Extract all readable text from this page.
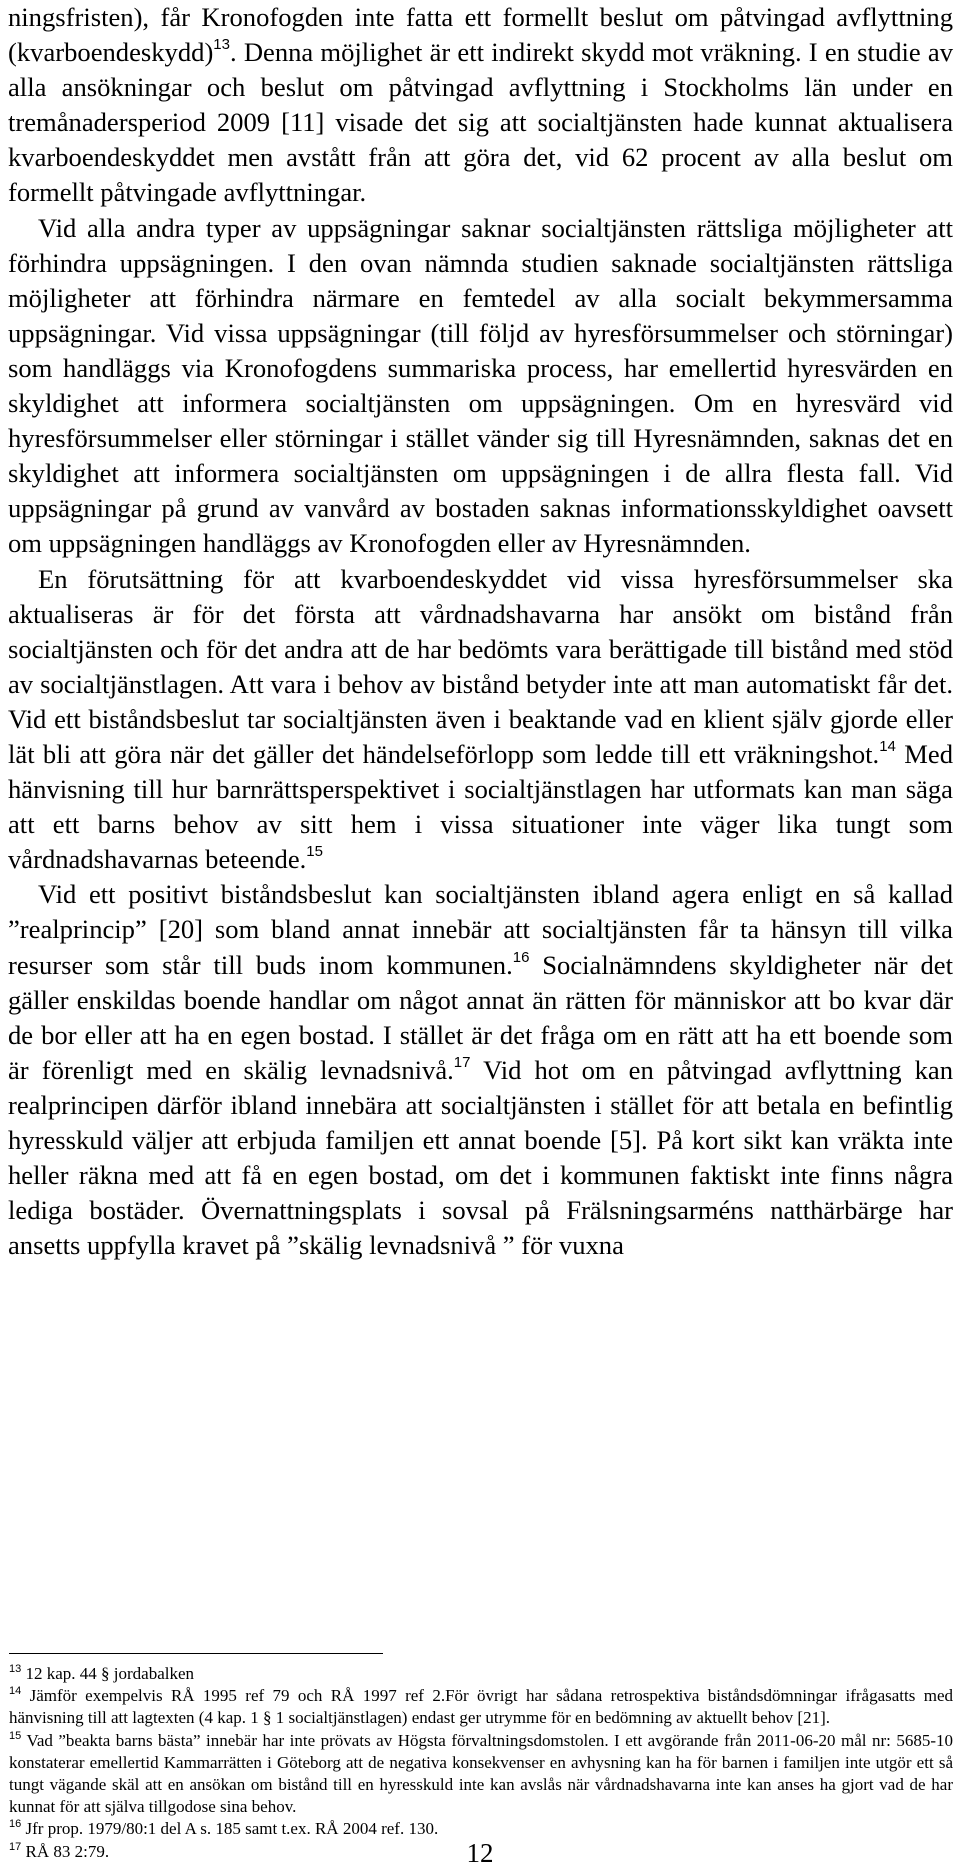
ningsfristen), får Kronofogden inte fatta ett formellt beslut om påtvingad avflyttning (kvarboendeskydd)$^{13}$. Denna möjlighet är ett indirekt skydd mot vräkning. I en studie av alla ansökningar och beslut om påtvingad avflyttning i Stockholms län under en tremånadersperiod 2009 [11] visade det sig att socialtjänsten hade kunnat aktualisera kvarboendeskyddet men avstått från att göra det, vid 62 procent av alla beslut om formellt påtvingade avflyttningar.

Vid alla andra typer av uppsägningar saknar socialtjänsten rättsliga möjligheter att förhindra uppsägningen. I den ovan nämnda studien saknade socialtjänsten rättsliga möjligheter att förhindra närmare en femtedel av alla socialt bekymmersamma uppsägningar. Vid vissa uppsägningar (till följd av hyresförsummelser och störningar) som handläggs via Kronofogdens summariska process, har emellertid hyresvärden en skyldighet att informera socialtjänsten om uppsägningen. Om en hyresvärd vid hyresförsummelser eller störningar i stället vänder sig till Hyresnämnden, saknas det en skyldighet att informera socialtjänsten om uppsägningen i de allra flesta fall. Vid uppsägningar på grund av vanvård av bostaden saknas informationsskyldighet oavsett om uppsägningen handläggs av Kronofogden eller av Hyresnämnden.

En förutsättning för att kvarboendeskyddet vid vissa hyresförsummelser ska aktualiseras är för det första att vårdnadshavarna har ansökt om bistånd från socialtjänsten och för det andra att de har bedömts vara berättigade till bistånd med stöd av socialtjänstlagen. Att vara i behov av bistånd betyder inte att man automatiskt får det. Vid ett biståndsbeslut tar socialtjänsten även i beaktande vad en klient själv gjorde eller lät bli att göra när det gäller det händelseförlopp som ledde till ett vräkningshot.$^{14}$ Med hänvisning till hur barnrättsperspektivet i socialtjänstlagen har utformats kan man säga att ett barns behov av sitt hem i vissa situationer inte väger lika tungt som vårdnadshavarnas beteende.$^{15}$

Vid ett positivt biståndsbeslut kan socialtjänsten ibland agera enligt en så kallad ”realprincip” [20] som bland annat innebär att socialtjänsten får ta hänsyn till vilka resurser som står till buds inom kommunen.$^{16}$ Socialnämndens skyldigheter när det gäller enskildas boende handlar om något annat än rätten för människor att bo kvar där de bor eller att ha en egen bostad. I stället är det fråga om en rätt att ha ett boende som är förenligt med en skälig levnadsnivå.$^{17}$ Vid hot om en påtvingad avflyttning kan realprincipen därför ibland innebära att socialtjänsten i stället för att betala en befintlig hyresskuld väljer att erbjuda familjen ett annat boende [5]. På kort sikt kan vräkta inte heller räkna med att få en egen bostad, om det i kommunen faktiskt inte finns några lediga bostäder. Övernattningsplats i sovsal på Frälsningsarméns natthärbärge har ansetts uppfylla kravet på ”skälig levnadsnivå ” för vuxna

$^{13}$ 12 kap. 44 § jordabalken

$^{14}$ Jämför exempelvis RÅ 1995 ref 79 och RÅ 1997 ref 2.För övrigt har sådana retrospektiva biståndsdömningar ifrågasatts med hänvisning till att lagtexten (4 kap. 1 § 1 socialtjänstlagen) endast ger utrymme för en bedömning av aktuellt behov [21].

$^{15}$ Vad ”beakta barns bästa” innebär har inte prövats av Högsta förvaltningsdomstolen. I ett avgörande från 2011-06-20 mål nr: 5685-10 konstaterar emellertid Kammarrätten i Göteborg att de negativa konsekvenser en avhysning kan ha för barnen i familjen inte utgör ett så tungt vägande skäl att en ansökan om bistånd till en hyresskuld inte kan avslås när vårdnadshavarna inte kan anses ha gjort vad de har kunnat för att själva tillgodose sina behov.

$^{16}$ Jfr prop. 1979/80:1 del A s. 185 samt t.ex. RÅ 2004 ref. 130.

$^{17}$ RÅ 83 2:79.	12
